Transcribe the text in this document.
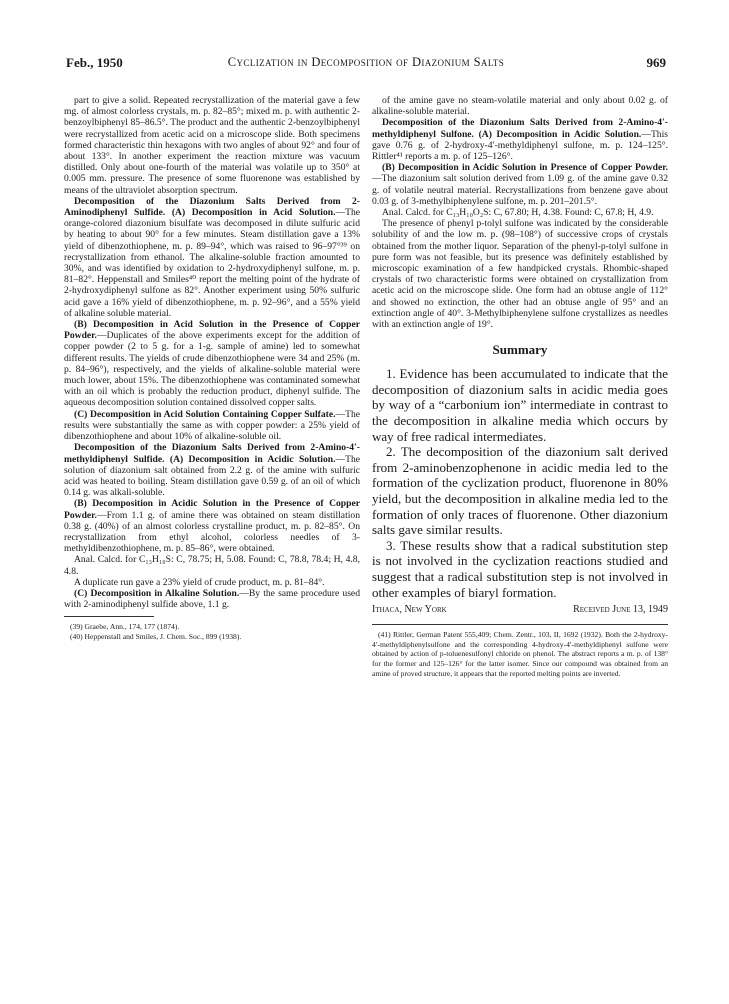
Feb., 1950	Cyclization in Decomposition of Diazonium Salts	969

part to give a solid. Repeated recrystallization of the material gave a few mg. of almost colorless crystals, m. p. 82–85°; mixed m. p. with authentic 2-benzoylbiphenyl 85–86.5°. The product and the authentic 2-benzoylbiphenyl were recrystallized from acetic acid on a microscope slide. Both specimens formed characteristic thin hexagons with two angles of about 92° and four of about 133°. In another experiment the reaction mixture was vacuum distilled. Only about one-fourth of the material was volatile up to 350° at 0.005 mm. pressure. The presence of some fluorenone was established by means of the ultraviolet absorption spectrum.

Decomposition of the Diazonium Salts Derived from 2-Aminodiphenyl Sulfide. (A) Decomposition in Acid Solution.—The orange-colored diazonium bisulfate was decomposed in dilute sulfuric acid by heating to about 90° for a few minutes. Steam distillation gave a 13% yield of dibenzothiophene, m. p. 89–94°, which was raised to 96–97°³⁹ on recrystallization from ethanol. The alkaline-soluble fraction amounted to 30%, and was identified by oxidation to 2-hydroxydiphenyl sulfone, m. p. 81–82°. Heppenstall and Smiles⁴⁰ report the melting point of the hydrate of 2-hydroxydiphenyl sulfone as 82°. Another experiment using 50% sulfuric acid gave a 16% yield of dibenzothiophene, m. p. 92–96°, and a 55% yield of alkaline soluble material.

(B) Decomposition in Acid Solution in the Presence of Copper Powder.—Duplicates of the above experiments except for the addition of copper powder (2 to 5 g. for a 1-g. sample of amine) led to somewhat different results. The yields of crude dibenzothiophene were 34 and 25% (m. p. 84–96°), respectively, and the yields of alkaline-soluble material were much lower, about 15%. The dibenzothiophene was contaminated somewhat with an oil which is probably the reduction product, diphenyl sulfide. The aqueous decomposition solution contained dissolved copper salts.

(C) Decomposition in Acid Solution Containing Copper Sulfate.—The results were substantially the same as with copper powder: a 25% yield of dibenzothiophene and about 10% of alkaline-soluble oil.

Decomposition of the Diazonium Salts Derived from 2-Amino-4′-methyldiphenyl Sulfide. (A) Decomposition in Acidic Solution.—The solution of diazonium salt obtained from 2.2 g. of the amine with sulfuric acid was heated to boiling. Steam distillation gave 0.59 g. of an oil of which 0.14 g. was alkali-soluble.

(B) Decomposition in Acidic Solution in the Presence of Copper Powder.—From 1.1 g. of amine there was obtained on steam distillation 0.38 g. (40%) of an almost colorless crystalline product, m. p. 82–85°. On recrystallization from ethyl alcohol, colorless needles of 3-methyldibenzothiophene, m. p. 85–86°, were obtained.

Anal. Calcd. for C₁₃H₁₀S: C, 78.75; H, 5.08. Found: C, 78.8, 78.4; H, 4.8, 4.8.

A duplicate run gave a 23% yield of crude product, m. p. 81–84°.

(C) Decomposition in Alkaline Solution.—By the same procedure used with 2-aminodiphenyl sulfide above, 1.1 g.

(39) Graebe, Ann., 174, 177 (1874).

(40) Heppenstall and Smiles, J. Chem. Soc., 899 (1938).

of the amine gave no steam-volatile material and only about 0.02 g. of alkaline-soluble material.

Decomposition of the Diazonium Salts Derived from 2-Amino-4′-methyldiphenyl Sulfone. (A) Decomposition in Acidic Solution.—This gave 0.76 g. of 2-hydroxy-4′-methyldiphenyl sulfone, m. p. 124–125°. Rittler⁴¹ reports a m. p. of 125–126°.

(B) Decomposition in Acidic Solution in Presence of Copper Powder.—The diazonium salt solution derived from 1.09 g. of the amine gave 0.32 g. of volatile neutral material. Recrystallizations from benzene gave about 0.03 g. of 3-methylbiphenylene sulfone, m. p. 201–201.5°.

Anal. Calcd. for C₁₃H₁₀O₂S: C, 67.80; H, 4.38. Found: C, 67.8; H, 4.9.

The presence of phenyl p-tolyl sulfone was indicated by the considerable solubility of and the low m. p. (98–108°) of successive crops of crystals obtained from the mother liquor. Separation of the phenyl-p-tolyl sulfone in pure form was not feasible, but its presence was definitely established by microscopic examination of a few handpicked crystals. Rhombic-shaped crystals of two characteristic forms were obtained on crystallization from acetic acid on the microscope slide. One form had an obtuse angle of 112° and showed no extinction, the other had an obtuse angle of 95° and an extinction angle of 40°. 3-Methylbiphenylene sulfone crystallizes as needles with an extinction angle of 19°.

Summary

1. Evidence has been accumulated to indicate that the decomposition of diazonium salts in acidic media goes by way of a “carbonium ion” intermediate in contrast to the decomposition in alkaline media which occurs by way of free radical intermediates.

2. The decomposition of the diazonium salt derived from 2-aminobenzophenone in acidic media led to the formation of the cyclization product, fluorenone in 80% yield, but the decomposition in alkaline media led to the formation of only traces of fluorenone. Other diazonium salts gave similar results.

3. These results show that a radical substitution step is not involved in the cyclization reactions studied and suggest that a radical substitution step is not involved in other examples of biaryl formation.

Ithaca, New York	Received June 13, 1949

(41) Rittler, German Patent 555,409; Chem. Zentr., 103, II, 1692 (1932). Both the 2-hydroxy-4′-methyldiphenylsulfone and the corresponding 4-hydroxy-4′-methyldiphenyl sulfone were obtained by action of p-toluenesulfonyl chloride on phenol. The abstract reports a m. p. of 138° for the former and 125–126° for the latter isomer. Since our compound was obtained from an amine of proved structure, it appears that the reported melting points are inverted.
